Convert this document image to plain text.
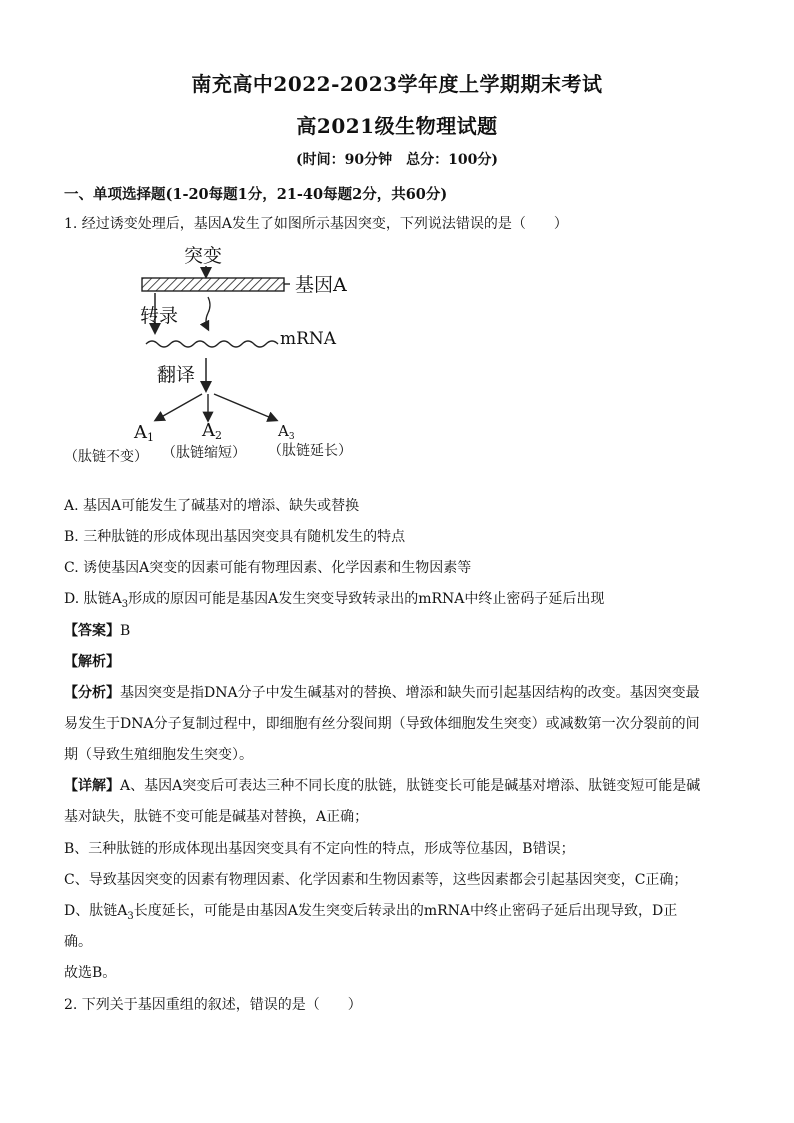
南充高中2022-2023学年度上学期期末考试
高2021级生物理试题
(时间：90分钟　总分：100分)
一、单项选择题(1-20每题1分，21-40每题2分，共60分)
1. 经过诱变处理后，基因A发生了如图所示基因突变，下列说法错误的是（　　）
突变
基因A
转录
mRNA
翻译
A1	A2	$A_3$
（肽链不变） （肽链缩短） （肽链延长）
A. 基因A可能发生了碱基对的增添、缺失或替换
B. 三种肽链的形成体现出基因突变具有随机发生的特点
C. 诱使基因A突变的因素可能有物理因素、化学因素和生物因素等
D. 肽链$A_3$形成的原因可能是基因A发生突变导致转录出的mRNA中终止密码子延后出现
【答案】B
【解析】
【分析】基因突变是指DNA分子中发生碱基对的替换、增添和缺失而引起基因结构的改变。基因突变最
易发生于DNA分子复制过程中，即细胞有丝分裂间期（导致体细胞发生突变）或减数第一次分裂前的间
期（导致生殖细胞发生突变）。
【详解】A、基因A突变后可表达三种不同长度的肽链，肽链变长可能是碱基对增添、肽链变短可能是碱
基对缺失，肽链不变可能是碱基对替换，A正确；
B、三种肽链的形成体现出基因突变具有不定向性的特点，形成等位基因，B错误；
C、导致基因突变的因素有物理因素、化学因素和生物因素等，这些因素都会引起基因突变，C正确；
D、肽链$A_3$长度延长，可能是由基因A发生突变后转录出的mRNA中终止密码子延后出现导致，D正
确。
故选B。
2. 下列关于基因重组的叙述，错误的是（　　）
